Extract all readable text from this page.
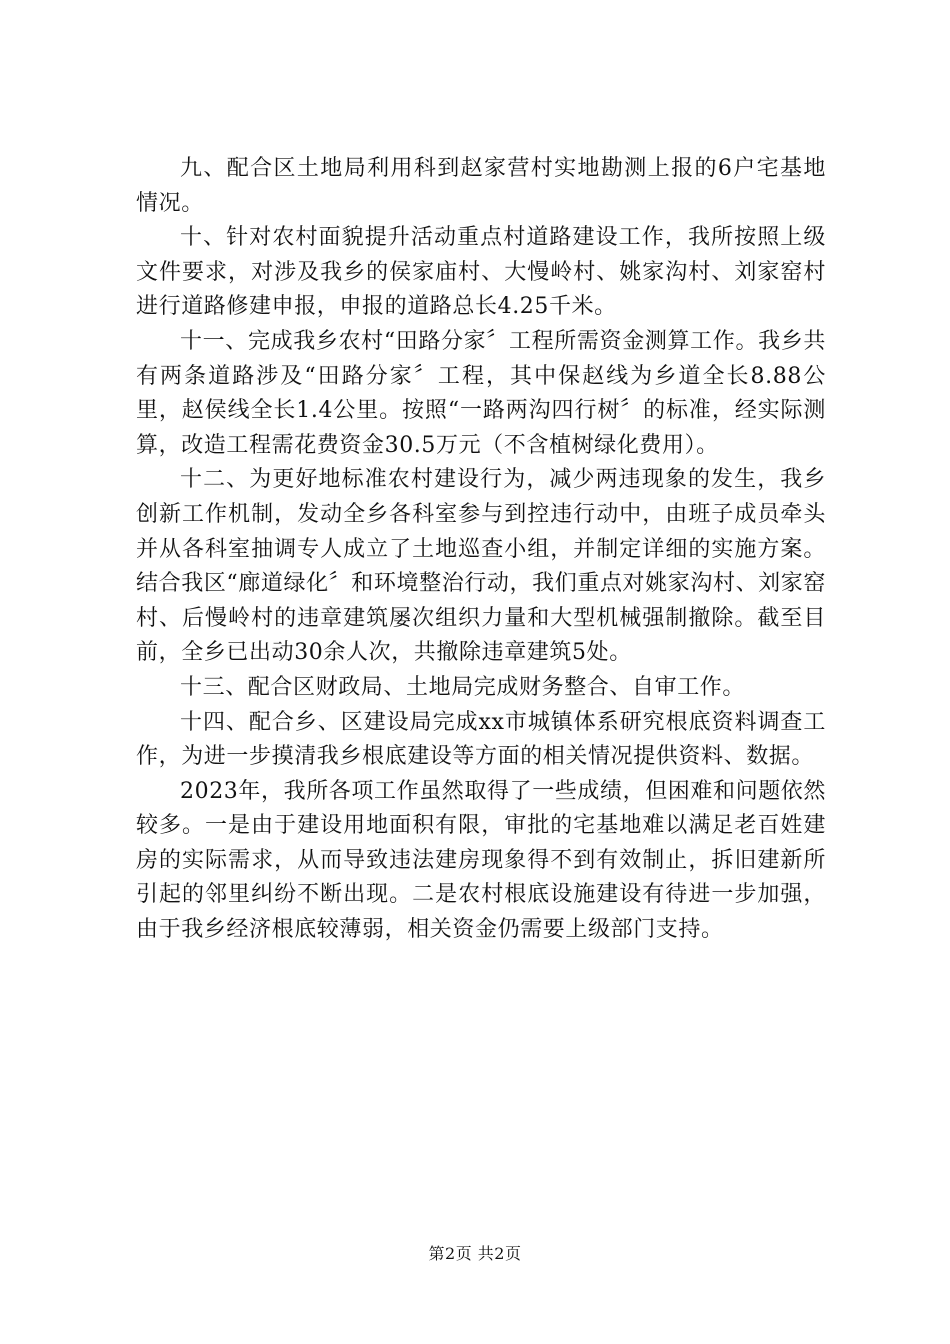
九、配合区土地局利用科到赵家营村实地勘测上报的6户宅基地情况。

十、针对农村面貌提升活动重点村道路建设工作，我所按照上级文件要求，对涉及我乡的侯家庙村、大慢岭村、姚家沟村、刘家窑村进行道路修建申报，申报的道路总长4.25千米。

十一、完成我乡农村“田路分家〞工程所需资金测算工作。我乡共有两条道路涉及“田路分家〞工程，其中保赵线为乡道全长8.88公里，赵侯线全长1.4公里。按照“一路两沟四行树〞的标准，经实际测算，改造工程需花费资金30.5万元（不含植树绿化费用）。

十二、为更好地标准农村建设行为，减少两违现象的发生，我乡创新工作机制，发动全乡各科室参与到控违行动中，由班子成员牵头并从各科室抽调专人成立了土地巡查小组，并制定详细的实施方案。结合我区“廊道绿化〞和环境整治行动，我们重点对姚家沟村、刘家窑村、后慢岭村的违章建筑屡次组织力量和大型机械强制撤除。截至目前，全乡已出动30余人次，共撤除违章建筑5处。

十三、配合区财政局、土地局完成财务整合、自审工作。

十四、配合乡、区建设局完成xx市城镇体系研究根底资料调查工作，为进一步摸清我乡根底建设等方面的相关情况提供资料、数据。

2023年，我所各项工作虽然取得了一些成绩，但困难和问题依然较多。一是由于建设用地面积有限，审批的宅基地难以满足老百姓建房的实际需求，从而导致违法建房现象得不到有效制止，拆旧建新所引起的邻里纠纷不断出现。二是农村根底设施建设有待进一步加强，由于我乡经济根底较薄弱，相关资金仍需要上级部门支持。

第2页 共2页
